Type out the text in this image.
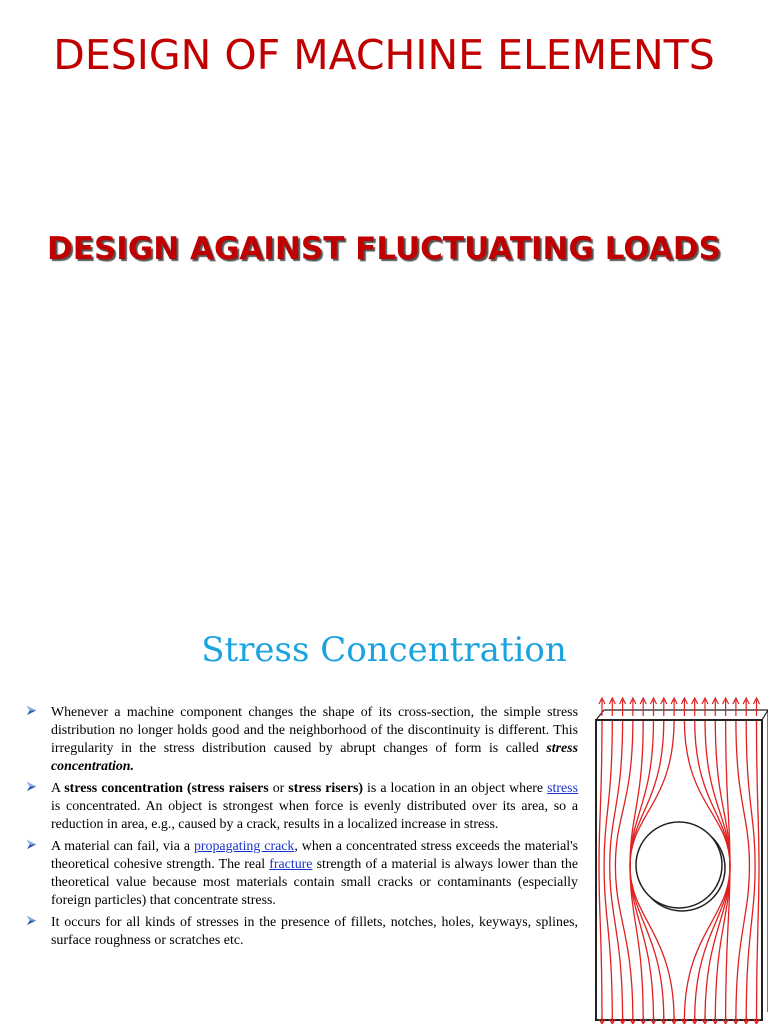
DESIGN OF MACHINE ELEMENTS
DESIGN AGAINST FLUCTUATING LOADS
Stress Concentration
Whenever a machine component changes the shape of its cross-section, the simple stress distribution no longer holds good and the neighborhood of the discontinuity is different. This irregularity in the stress distribution caused by abrupt changes of form is called stress concentration.
A stress concentration (stress raisers or stress risers) is a location in an object where stress is concentrated. An object is strongest when force is evenly distributed over its area, so a reduction in area, e.g., caused by a crack, results in a localized increase in stress.
A material can fail, via a propagating crack, when a concentrated stress exceeds the material's theoretical cohesive strength. The real fracture strength of a material is always lower than the theoretical value because most materials contain small cracks or contaminants (especially foreign particles) that concentrate stress.
It occurs for all kinds of stresses in the presence of fillets, notches, holes, keyways, splines, surface roughness or scratches etc.
